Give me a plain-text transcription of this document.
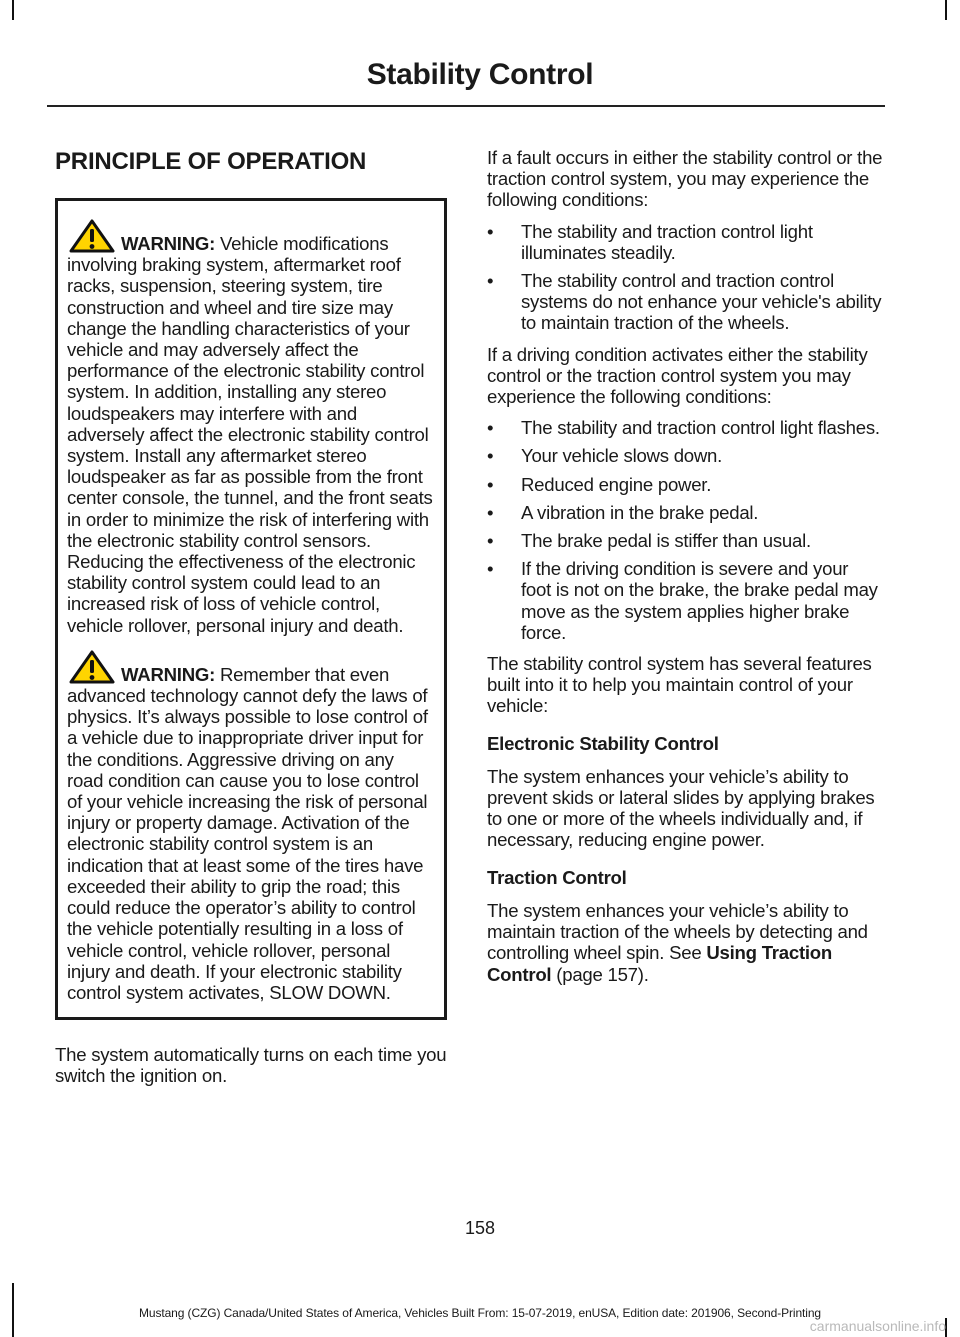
Stability Control
PRINCIPLE OF OPERATION

WARNING: Vehicle modifications involving braking system, aftermarket roof racks, suspension, steering system, tire construction and wheel and tire size may change the handling characteristics of your vehicle and may adversely affect the performance of the electronic stability control system. In addition, installing any stereo loudspeakers may interfere with and adversely affect the electronic stability control system. Install any aftermarket stereo loudspeaker as far as possible from the front center console, the tunnel, and the front seats in order to minimize the risk of interfering with the electronic stability control sensors. Reducing the effectiveness of the electronic stability control system could lead to an increased risk of loss of vehicle control, vehicle rollover, personal injury and death.

WARNING: Remember that even advanced technology cannot defy the laws of physics. It’s always possible to lose control of a vehicle due to inappropriate driver input for the conditions. Aggressive driving on any road condition can cause you to lose control of your vehicle increasing the risk of personal injury or property damage. Activation of the electronic stability control system is an indication that at least some of the tires have exceeded their ability to grip the road; this could reduce the operator’s ability to control the vehicle potentially resulting in a loss of vehicle control, vehicle rollover, personal injury and death. If your electronic stability control system activates, SLOW DOWN.

The system automatically turns on each time you switch the ignition on.

If a fault occurs in either the stability control or the traction control system, you may experience the following conditions:

• The stability and traction control light illuminates steadily.
• The stability control and traction control systems do not enhance your vehicle's ability to maintain traction of the wheels.

If a driving condition activates either the stability control or the traction control system you may experience the following conditions:

• The stability and traction control light flashes.
• Your vehicle slows down.
• Reduced engine power.
• A vibration in the brake pedal.
• The brake pedal is stiffer than usual.
• If the driving condition is severe and your foot is not on the brake, the brake pedal may move as the system applies higher brake force.

The stability control system has several features built into it to help you maintain control of your vehicle:

Electronic Stability Control

The system enhances your vehicle’s ability to prevent skids or lateral slides by applying brakes to one or more of the wheels individually and, if necessary, reducing engine power.

Traction Control

The system enhances your vehicle’s ability to maintain traction of the wheels by detecting and controlling wheel spin. See Using Traction Control (page 157).

158
Mustang (CZG) Canada/United States of America, Vehicles Built From: 15-07-2019, enUSA, Edition date: 201906, Second-Printing
carmanualsonline.info
